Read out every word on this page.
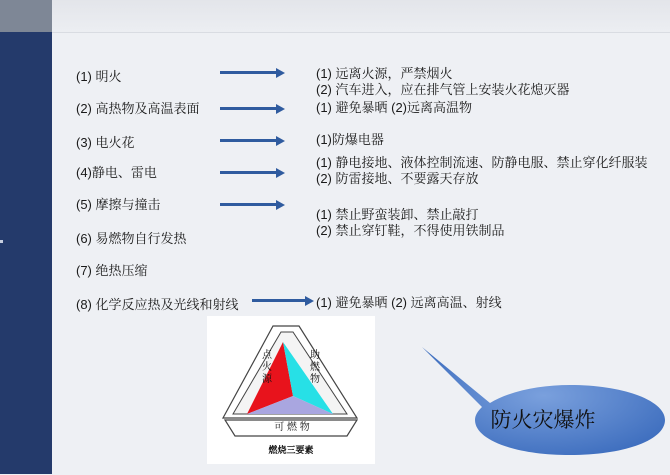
(1) 明火
(2) 高热物及高温表面
(3) 电火花
(4)静电、雷电
(5) 摩擦与撞击
(6) 易燃物自行发热
(7) 绝热压缩
(8) 化学反应热及光线和射线
(1) 远离火源，严禁烟火
(2) 汽车进入，应在排气管上安装火花熄灭器
(1) 避免暴晒 (2)远离高温物
(1)防爆电器
(1) 静电接地、液体控制流速、防静电服、禁止穿化纤服装
(2) 防雷接地、不要露天存放
(1) 禁止野蛮装卸、禁止敲打
(2) 禁止穿钉鞋，不得使用铁制品
(1) 避免暴晒 (2) 远离高温、射线
点
火
源
助
燃
物
可 燃 物
燃烧三要素
防火灾爆炸
